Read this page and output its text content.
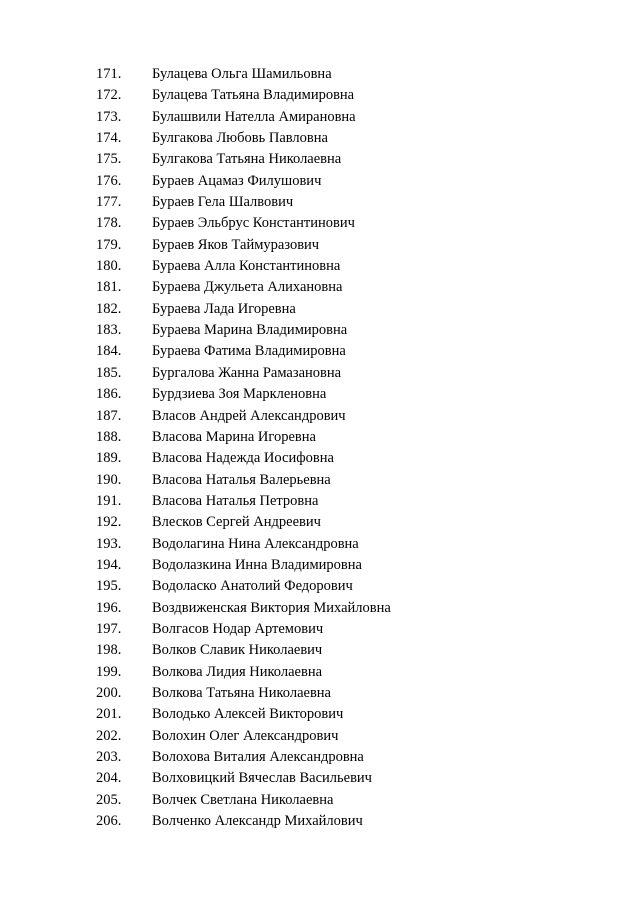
171.	Булацева Ольга Шамильовна
172.	Булацева Татьяна Владимировна
173.	Булашвили Нателла Амирановна
174.	Булгакова Любовь Павловна
175.	Булгакова Татьяна Николаевна
176.	Бураев Ацамаз Филушович
177.	Бураев Гела Шалвович
178.	Бураев Эльбрус Константинович
179.	Бураев Яков Таймуразович
180.	Бураева Алла Константиновна
181.	Бураева Джульета Алихановна
182.	Бураева Лада Игоревна
183.	Бураева Марина Владимировна
184.	Бураева Фатима Владимировна
185.	Бургалова Жанна Рамазановна
186.	Бурдзиева Зоя Маркленовна
187.	Власов Андрей Александрович
188.	Власова Марина Игоревна
189.	Власова Надежда Иосифовна
190.	Власова Наталья Валерьевна
191.	Власова Наталья Петровна
192.	Влесков Сергей Андреевич
193.	Водолагина Нина Александровна
194.	Водолазкина Инна Владимировна
195.	Водоласко Анатолий Федорович
196.	Воздвиженская Виктория Михайловна
197.	Волгасов Нодар Артемович
198.	Волков Славик Николаевич
199.	Волкова Лидия Николаевна
200.	Волкова Татьяна Николаевна
201.	Володько Алексей Викторович
202.	Волохин Олег Александрович
203.	Волохова Виталия Александровна
204.	Волховицкий Вячеслав Васильевич
205.	Волчек Светлана Николаевна
206.	Волченко Александр Михайлович
